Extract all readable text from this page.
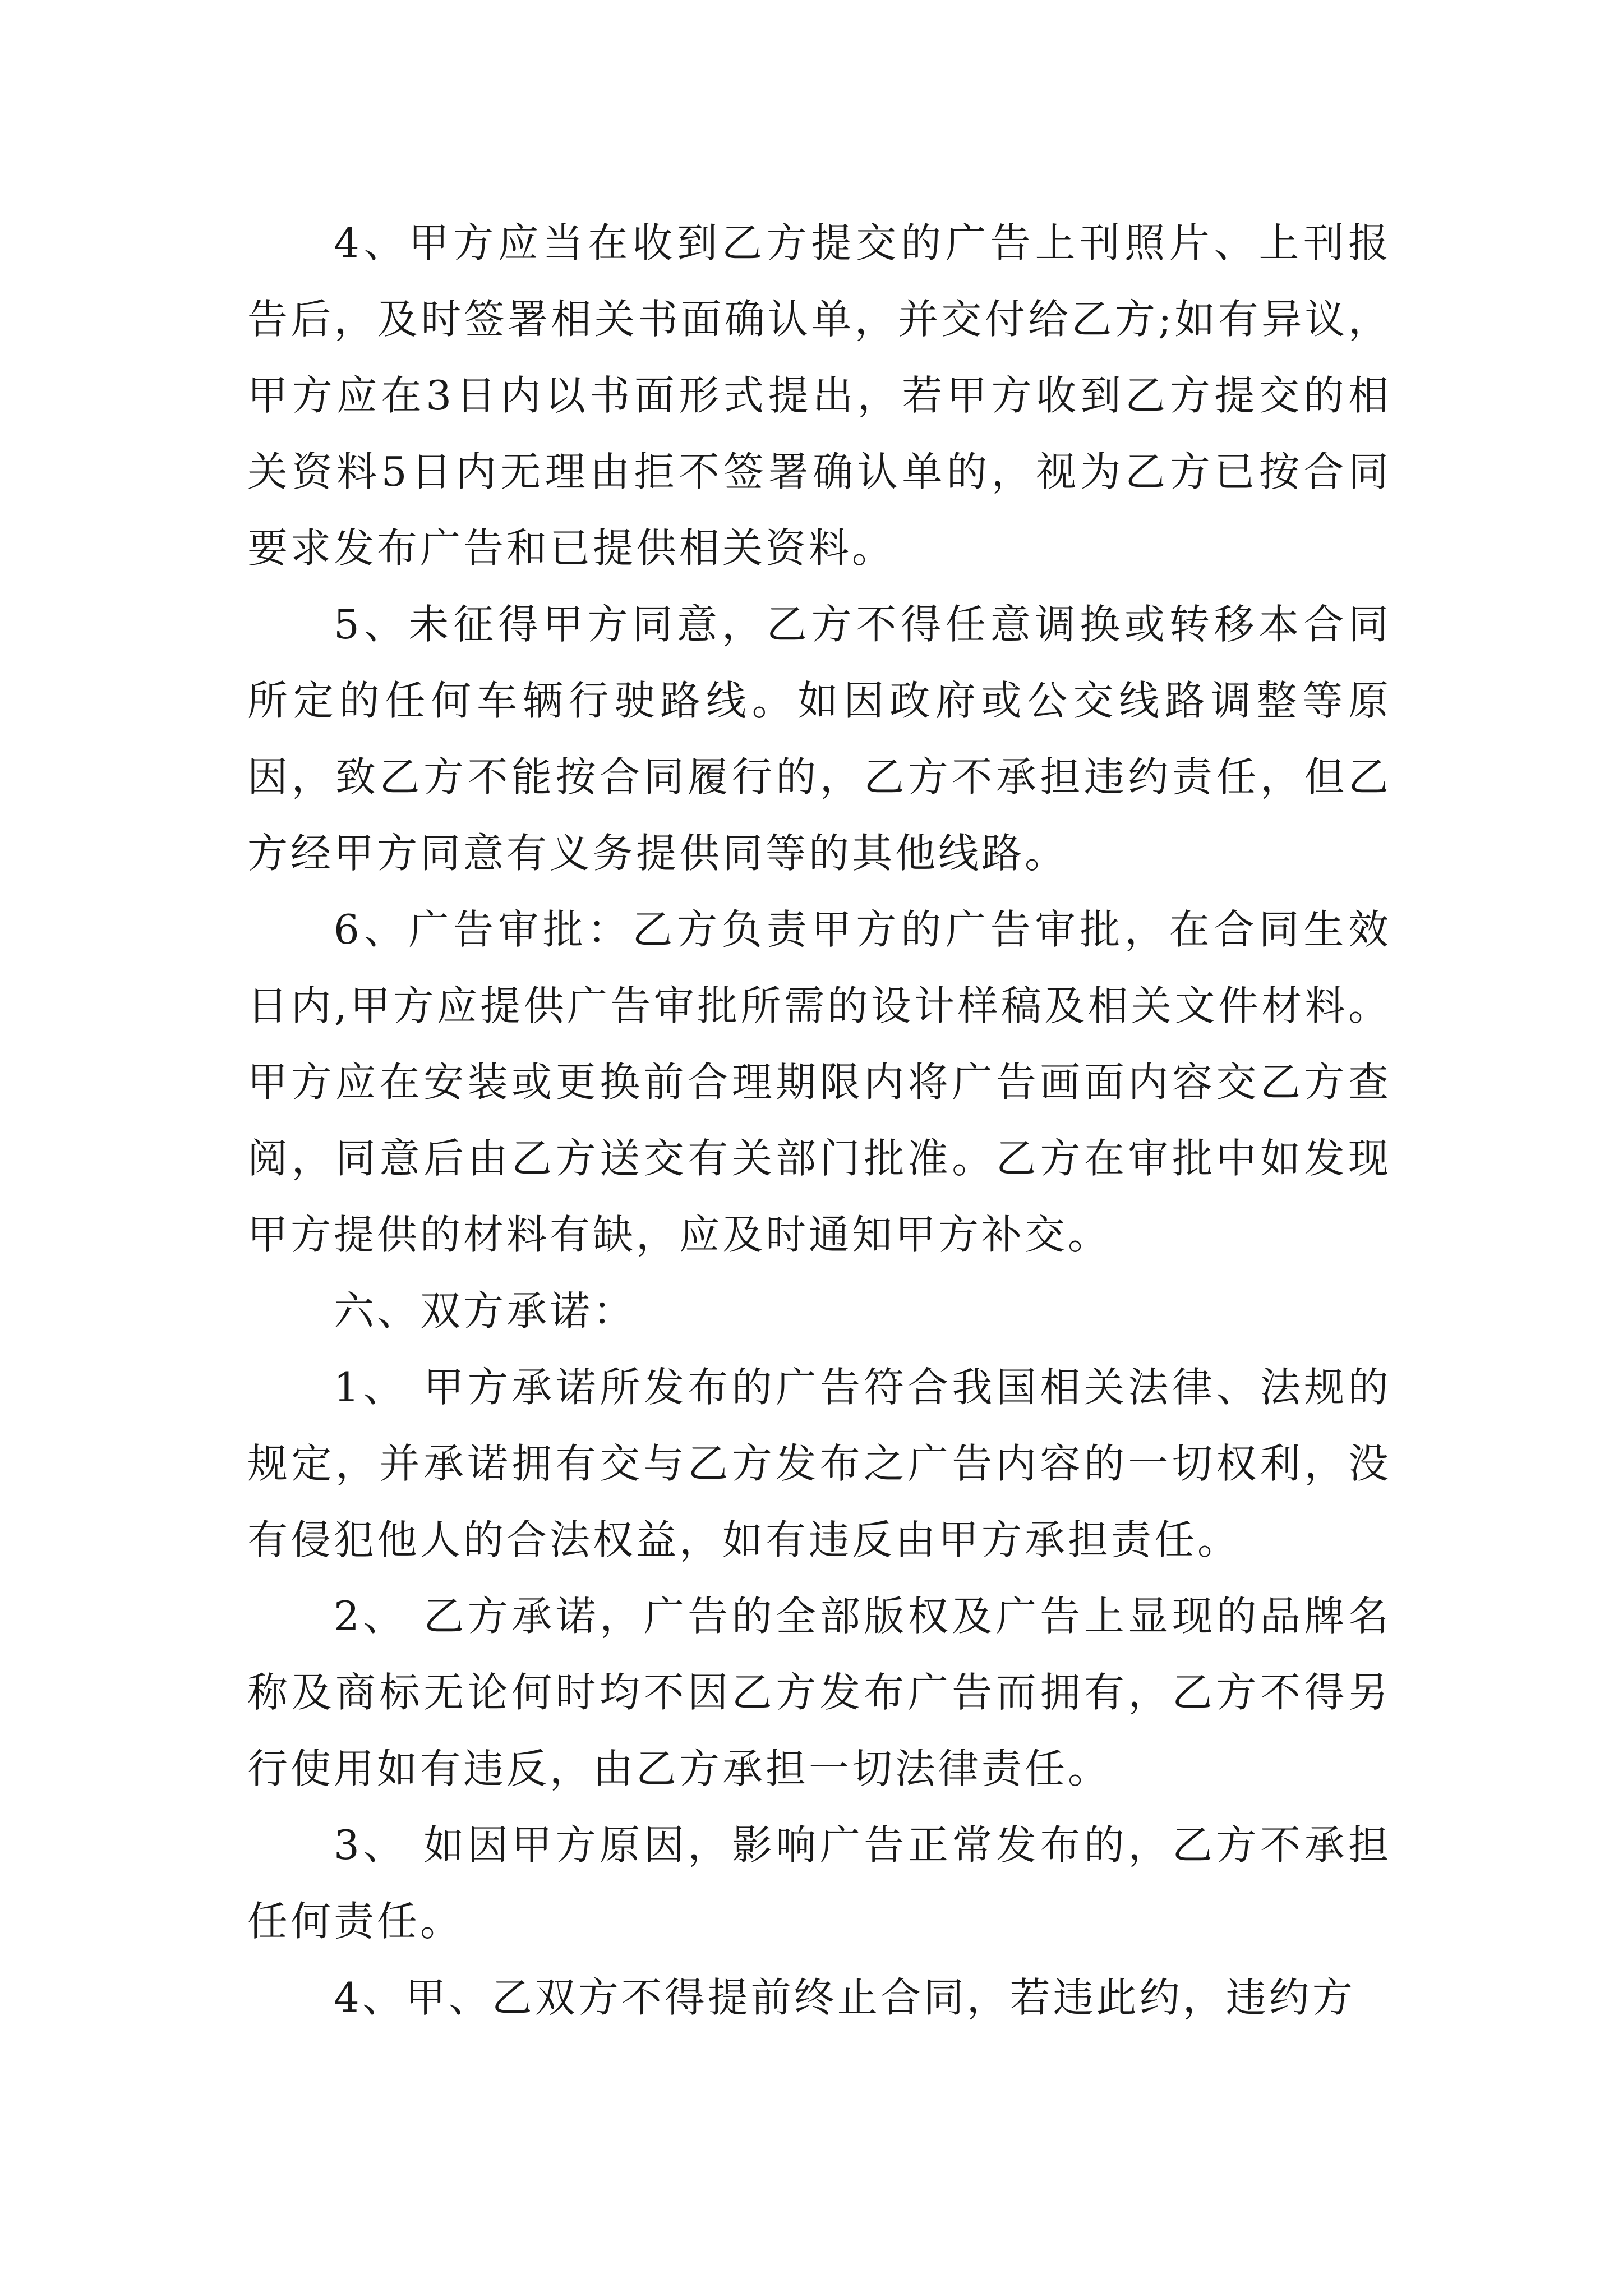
4、甲方应当在收到乙方提交的广告上刊照片、上刊报告后，及时签署相关书面确认单，并交付给乙方;如有异议，甲方应在3日内以书面形式提出，若甲方收到乙方提交的相关资料5日内无理由拒不签署确认单的，视为乙方已按合同要求发布广告和已提供相关资料。

5、未征得甲方同意，乙方不得任意调换或转移本合同所定的任何车辆行驶路线。如因政府或公交线路调整等原因，致乙方不能按合同履行的，乙方不承担违约责任，但乙方经甲方同意有义务提供同等的其他线路。

6、广告审批：乙方负责甲方的广告审批，在合同生效日内,甲方应提供广告审批所需的设计样稿及相关文件材料。甲方应在安装或更换前合理期限内将广告画面内容交乙方查阅，同意后由乙方送交有关部门批准。乙方在审批中如发现甲方提供的材料有缺，应及时通知甲方补交。

六、双方承诺：

1、 甲方承诺所发布的广告符合我国相关法律、法规的规定，并承诺拥有交与乙方发布之广告内容的一切权利，没有侵犯他人的合法权益，如有违反由甲方承担责任。

2、 乙方承诺，广告的全部版权及广告上显现的品牌名称及商标无论何时均不因乙方发布广告而拥有，乙方不得另行使用如有违反，由乙方承担一切法律责任。

3、 如因甲方原因，影响广告正常发布的，乙方不承担任何责任。

4、甲、乙双方不得提前终止合同，若违此约，违约方
